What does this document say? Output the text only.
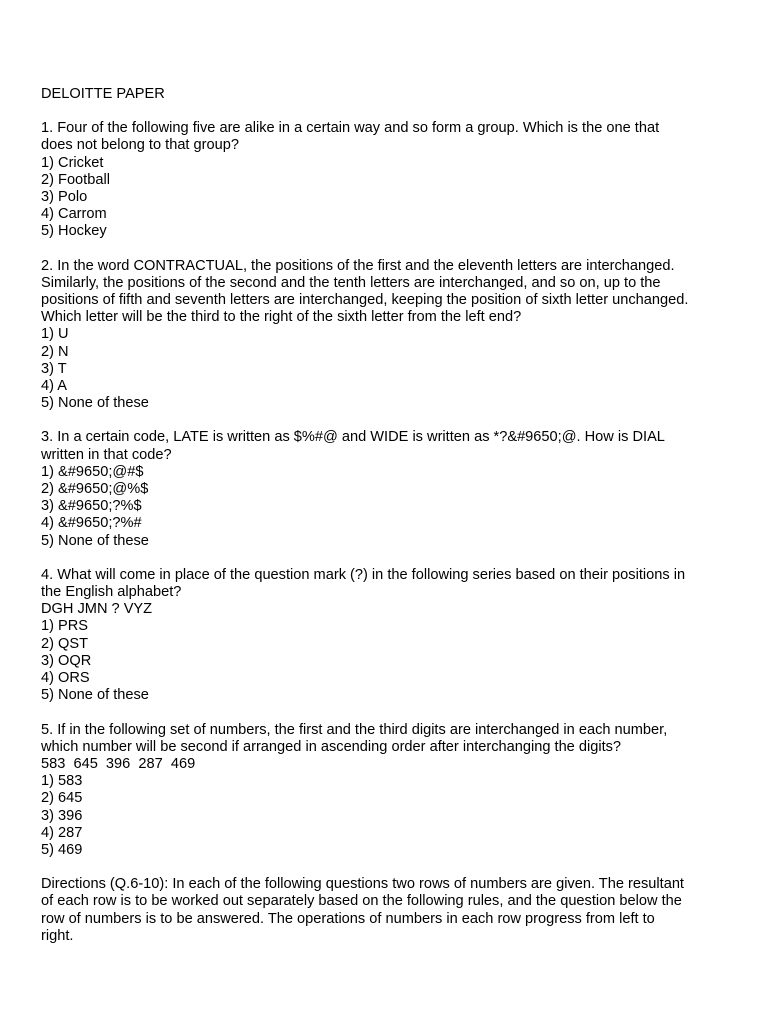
DELOITTE PAPER
1. Four of the following five are alike in a certain way and so form a group. Which is the one that
does not belong to that group?
1) Cricket
2) Football
3) Polo
4) Carrom
5) Hockey
2. In the word CONTRACTUAL, the positions of the first and the eleventh letters are interchanged.
Similarly, the positions of the second and the tenth letters are interchanged, and so on, up to the
positions of fifth and seventh letters are interchanged, keeping the position of sixth letter unchanged.
Which letter will be the third to the right of the sixth letter from the left end?
1) U
2) N
3) T
4) A
5) None of these
3. In a certain code, LATE is written as $%#@ and WIDE is written as *?&#9650;@. How is DIAL
written in that code?
1) &#9650;@#$
2) &#9650;@%$
3) &#9650;?%$
4) &#9650;?%#
5) None of these
4. What will come in place of the question mark (?) in the following series based on their positions in
the English alphabet?
DGH JMN ? VYZ
1) PRS
2) QST
3) OQR
4) ORS
5) None of these
5. If in the following set of numbers, the first and the third digits are interchanged in each number,
which number will be second if arranged in ascending order after interchanging the digits?
583  645  396  287  469
1) 583
2) 645
3) 396
4) 287
5) 469
Directions (Q.6-10): In each of the following questions two rows of numbers are given. The resultant
of each row is to be worked out separately based on the following rules, and the question below the
row of numbers is to be answered. The operations of numbers in each row progress from left to
right.
